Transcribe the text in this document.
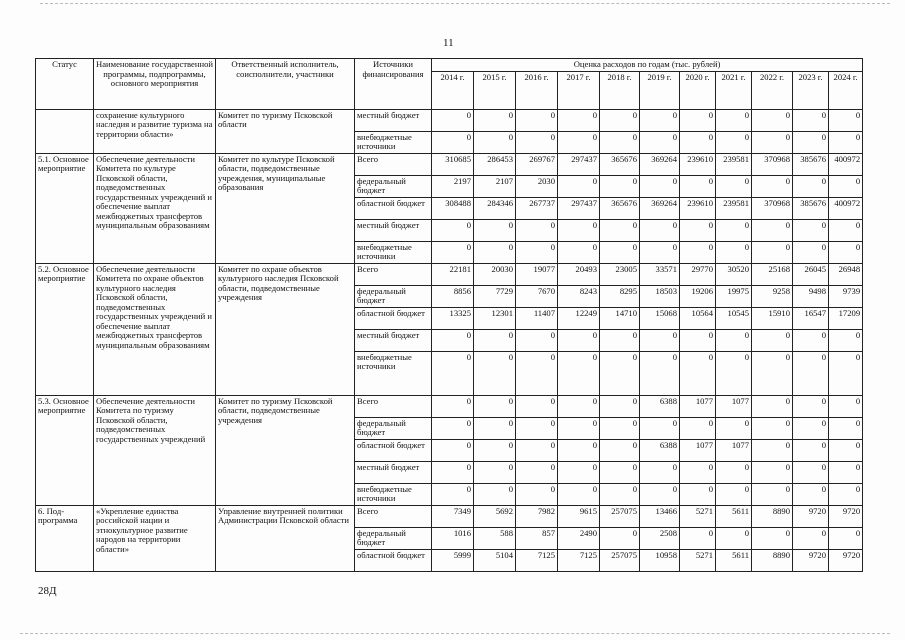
11
Статус	Наименование государственной программы, подпрограммы, основного мероприятия	Ответственный исполнитель, соисполнители, участники	Источники финансирования	Оценка расходов по годам (тыс. рублей)										
				2014 г.	2015 г.	2016 г.	2017 г.	2018 г.	2019 г.	2020 г.	2021 г.	2022 г.	2023 г.	2024 г.
	сохранение культурного наследия и развитие туризма на территории области»	Комитет по туризму Псковской области	местный бюджет	0	0	0	0	0	0	0	0	0	0	0
			внебюджетные источники	0	0	0	0	0	0	0	0	0	0	0
5.1. Основное мероприятие	Обеспечение деятельности Комитета по культуре Псковской области, подведомственных государственных учреждений и обеспечение выплат межбюджетных трансфертов муниципальным образованиям	Комитет по культуре Псковской области, подведомственные учреждения, муниципальные образования	Всего	310685	286453	269767	297437	365676	369264	239610	239581	370968	385676	400972
			федеральный бюджет	2197	2107	2030	0	0	0	0	0	0	0	0
			областной бюджет	308488	284346	267737	297437	365676	369264	239610	239581	370968	385676	400972
			местный бюджет	0	0	0	0	0	0	0	0	0	0	0
			внебюджетные источники	0	0	0	0	0	0	0	0	0	0	0
5.2. Основное мероприятие	Обеспечение деятельности Комитета по охране объектов культурного наследия Псковской области, подведомственных государственных учреждений и обеспечение выплат межбюджетных трансфертов муниципальным образованиям	Комитет по охране объектов культурного наследия Псковской области, подведомственные учреждения	Всего	22181	20030	19077	20493	23005	33571	29770	30520	25168	26045	26948
			федеральный бюджет	8856	7729	7670	8243	8295	18503	19206	19975	9258	9498	9739
			областной бюджет	13325	12301	11407	12249	14710	15068	10564	10545	15910	16547	17209
			местный бюджет	0	0	0	0	0	0	0	0	0	0	0
			внебюджетные источники	0	0	0	0	0	0	0	0	0	0	0
5.3. Основное мероприятие	Обеспечение деятельности Комитета по туризму Псковской области, подведомственных государственных учреждений	Комитет по туризму Псковской области, подведомственные учреждения	Всего	0	0	0	0	0	6388	1077	1077	0	0	0
			федеральный бюджет	0	0	0	0	0	0	0	0	0	0	0
			областной бюджет	0	0	0	0	0	6388	1077	1077	0	0	0
			местный бюджет	0	0	0	0	0	0	0	0	0	0	0
			внебюджетные источники	0	0	0	0	0	0	0	0	0	0	0
6. Под-программа	«Укрепление единства российской нации и этнокультурное развитие народов на территории области»	Управление внутренней политики Администрации Псковской области	Всего	7349	5692	7982	9615	257075	13466	5271	5611	8890	9720	9720
			федеральный бюджет	1016	588	857	2490	0	2508	0	0	0	0	0
			областной бюджет	5999	5104	7125	7125	257075	10958	5271	5611	8890	9720	9720
28Д
